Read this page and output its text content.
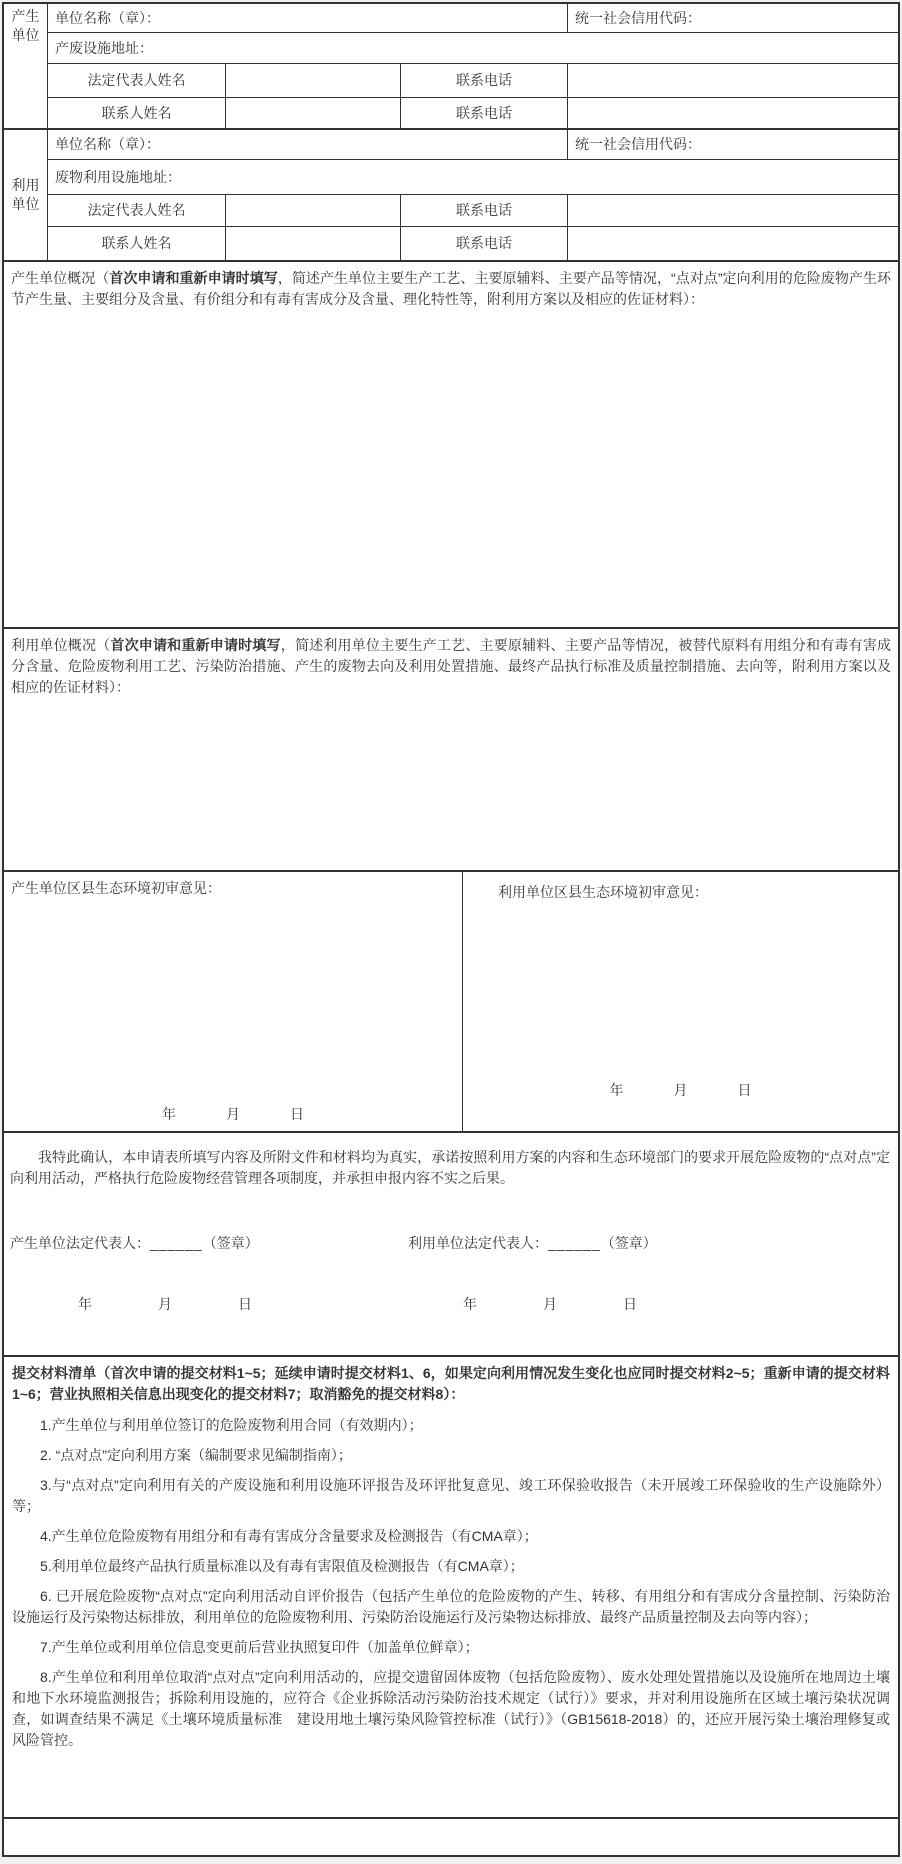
产生
单位
单位名称（章）：	统一社会信用代码：
产废设施地址：
法定代表人姓名	联系电话
联系人姓名	联系电话
利用
单位
单位名称（章）：	统一社会信用代码：
废物利用设施地址：
法定代表人姓名	联系电话
联系人姓名	联系电话

产生单位概况（首次申请和重新申请时填写，简述产生单位主要生产工艺、主要原辅料、主要产品等情况，“点对点”定向利用的危险废物产生环节产生量、主要组分及含量、有价组分和有毒有害成分及含量、理化特性等，附利用方案以及相应的佐证材料）：

利用单位概况（首次申请和重新申请时填写，简述利用单位主要生产工艺、主要原辅料、主要产品等情况，被替代原料有用组分和有毒有害成分含量、危险废物利用工艺、污染防治措施、产生的废物去向及利用处置措施、最终产品执行标准及质量控制措施、去向等，附利用方案以及相应的佐证材料）：

产生单位区县生态环境初审意见：
年	月	日
利用单位区县生态环境初审意见：
年	月	日

我特此确认，本申请表所填写内容及所附文件和材料均为真实，承诺按照利用方案的内容和生态环境部门的要求开展危险废物的“点对点”定向利用活动，严格执行危险废物经营管理各项制度，并承担申报内容不实之后果。

产生单位法定代表人：______（签章）	利用单位法定代表人：______（签章）
年	月	日	年	月	日

提交材料清单（首次申请的提交材料1~5；延续申请时提交材料1、6，如果定向利用情况发生变化也应同时提交材料2~5；重新申请的提交材料1~6；营业执照相关信息出现变化的提交材料7；取消豁免的提交材料8）：

1.产生单位与利用单位签订的危险废物利用合同（有效期内）；

2. “点对点”定向利用方案（编制要求见编制指南）；

3.与“点对点”定向利用有关的产废设施和利用设施环评报告及环评批复意见、竣工环保验收报告（未开展竣工环保验收的生产设施除外）等；

4.产生单位危险废物有用组分和有毒有害成分含量要求及检测报告（有CMA章）；

5.利用单位最终产品执行质量标准以及有毒有害限值及检测报告（有CMA章）；

6. 已开展危险废物“点对点”定向利用活动自评价报告（包括产生单位的危险废物的产生、转移、有用组分和有害成分含量控制、污染防治设施运行及污染物达标排放，利用单位的危险废物利用、污染防治设施运行及污染物达标排放、最终产品质量控制及去向等内容）；

7.产生单位或利用单位信息变更前后营业执照复印件（加盖单位鲜章）；

8.产生单位和利用单位取消“点对点”定向利用活动的，应提交遗留固体废物（包括危险废物）、废水处理处置措施以及设施所在地周边土壤和地下水环境监测报告；拆除利用设施的，应符合《企业拆除活动污染防治技术规定（试行）》要求，并对利用设施所在区域土壤污染状况调查，如调查结果不满足《土壤环境质量标准　建设用地土壤污染风险管控标准（试行）》（GB15618-2018）的，还应开展污染土壤治理修复或风险管控。
